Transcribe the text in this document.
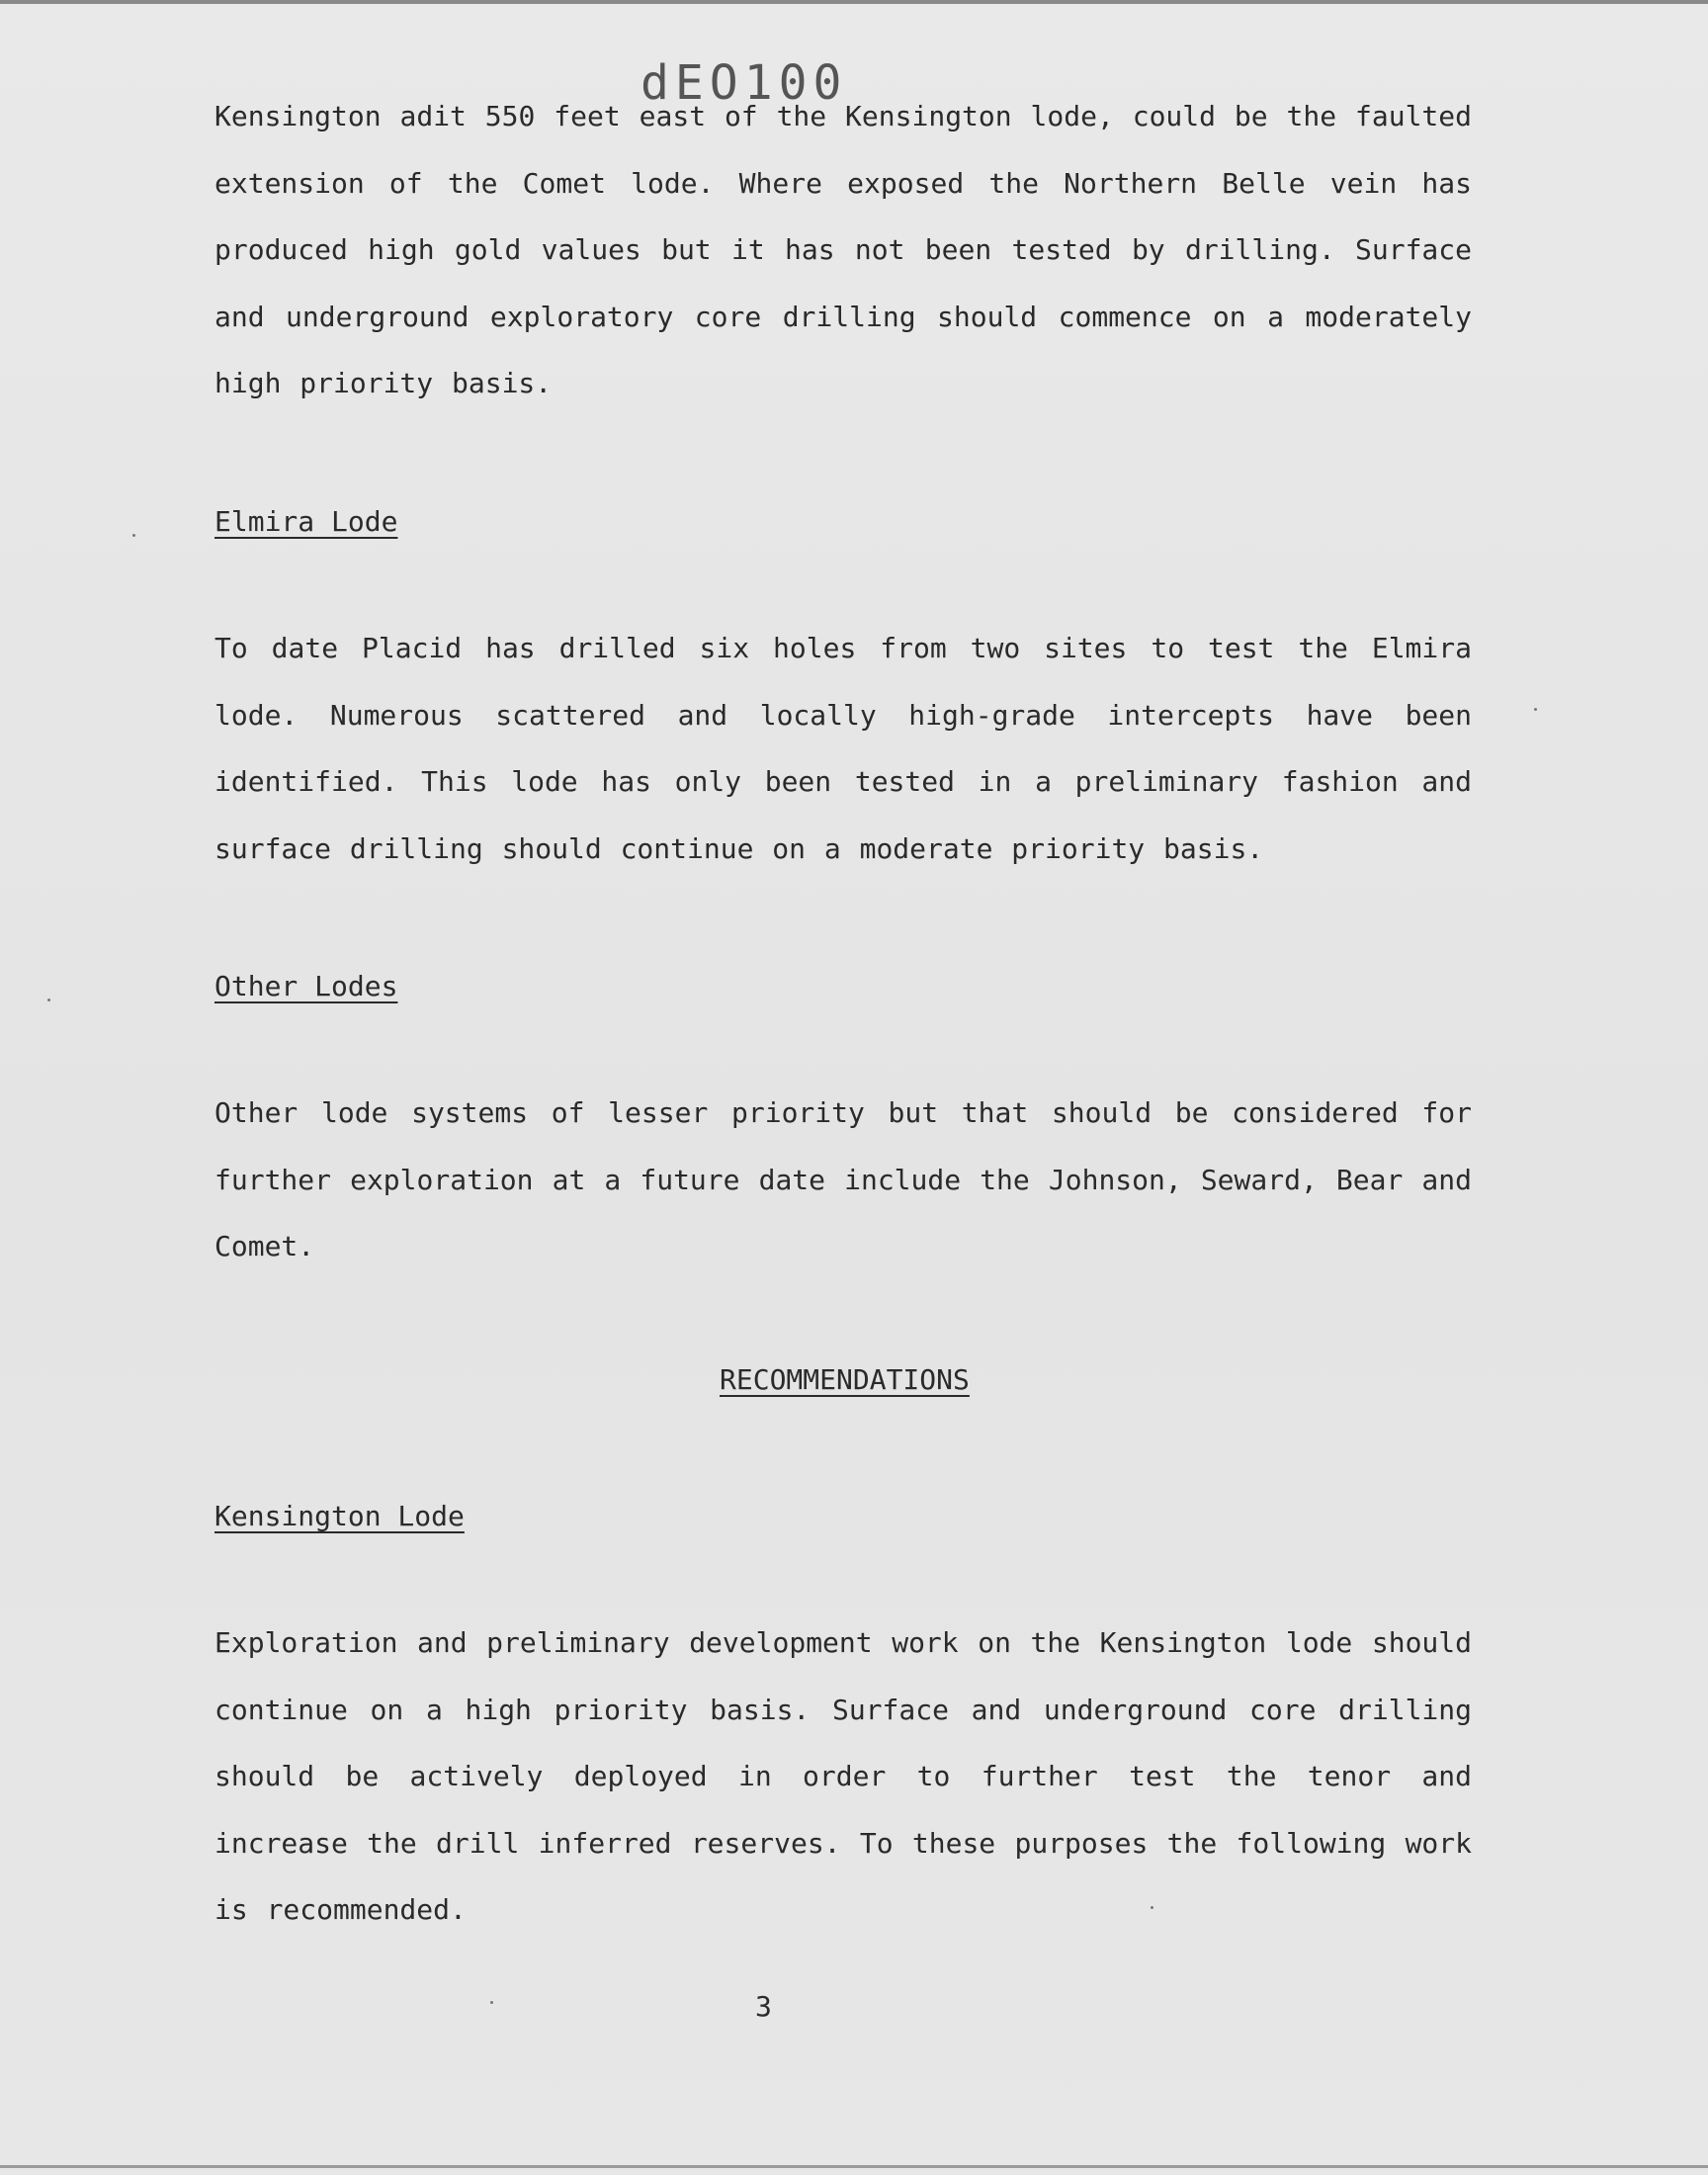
dEO100

Kensington adit 550 feet east of the Kensington lode, could be the faulted extension of the Comet lode. Where exposed the Northern Belle vein has produced high gold values but it has not been tested by drilling. Surface and underground exploratory core drilling should commence on a moderately high priority basis.

Elmira Lode

To date Placid has drilled six holes from two sites to test the Elmira lode. Numerous scattered and locally high-grade intercepts have been identified. This lode has only been tested in a preliminary fashion and surface drilling should continue on a moderate priority basis.

Other Lodes

Other lode systems of lesser priority but that should be considered for further exploration at a future date include the Johnson, Seward, Bear and Comet.

RECOMMENDATIONS
Kensington Lode

Exploration and preliminary development work on the Kensington lode should continue on a high priority basis. Surface and underground core drilling should be actively deployed in order to further test the tenor and increase the drill inferred reserves. To these purposes the following work is recommended.

3
